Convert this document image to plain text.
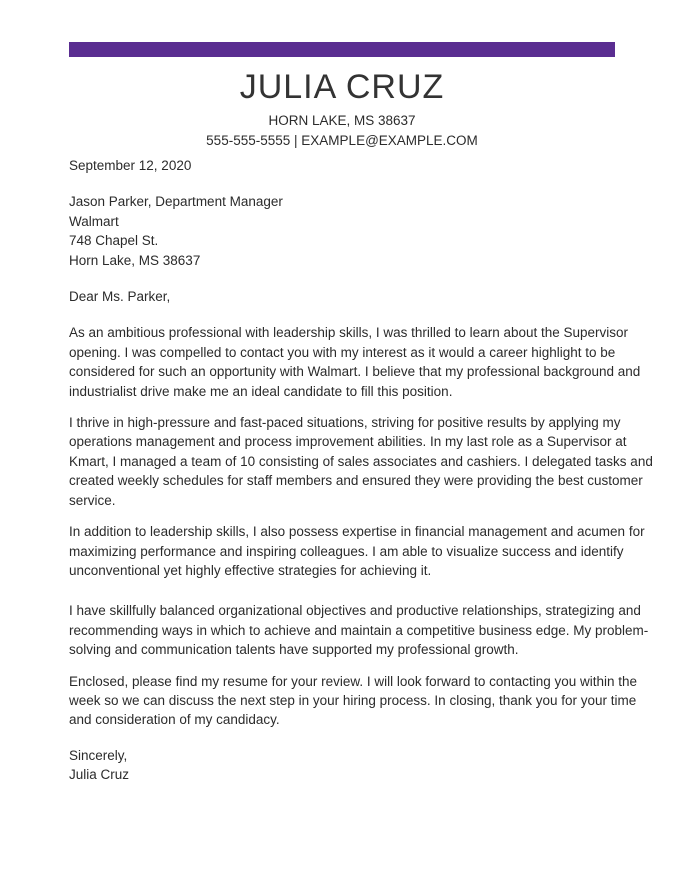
JULIA CRUZ
HORN LAKE, MS 38637
555-555-5555 | EXAMPLE@EXAMPLE.COM

September 12, 2020

Jason Parker, Department Manager
Walmart
748 Chapel St.
Horn Lake, MS 38637

Dear Ms. Parker,

As an ambitious professional with leadership skills, I was thrilled to learn about the Supervisor
opening. I was compelled to contact you with my interest as it would a career highlight to be
considered for such an opportunity with Walmart. I believe that my professional background and
industrialist drive make me an ideal candidate to fill this position.
I thrive in high-pressure and fast-paced situations, striving for positive results by applying my
operations management and process improvement abilities. In my last role as a Supervisor at
Kmart, I managed a team of 10 consisting of sales associates and cashiers. I delegated tasks and
created weekly schedules for staff members and ensured they were providing the best customer
service.
In addition to leadership skills, I also possess expertise in financial management and acumen for
maximizing performance and inspiring colleagues. I am able to visualize success and identify
unconventional yet highly effective strategies for achieving it.
I have skillfully balanced organizational objectives and productive relationships, strategizing and
recommending ways in which to achieve and maintain a competitive business edge. My problem-
solving and communication talents have supported my professional growth.
Enclosed, please find my resume for your review. I will look forward to contacting you within the
week so we can discuss the next step in your hiring process. In closing, thank you for your time
and consideration of my candidacy.
Sincerely,
Julia Cruz
